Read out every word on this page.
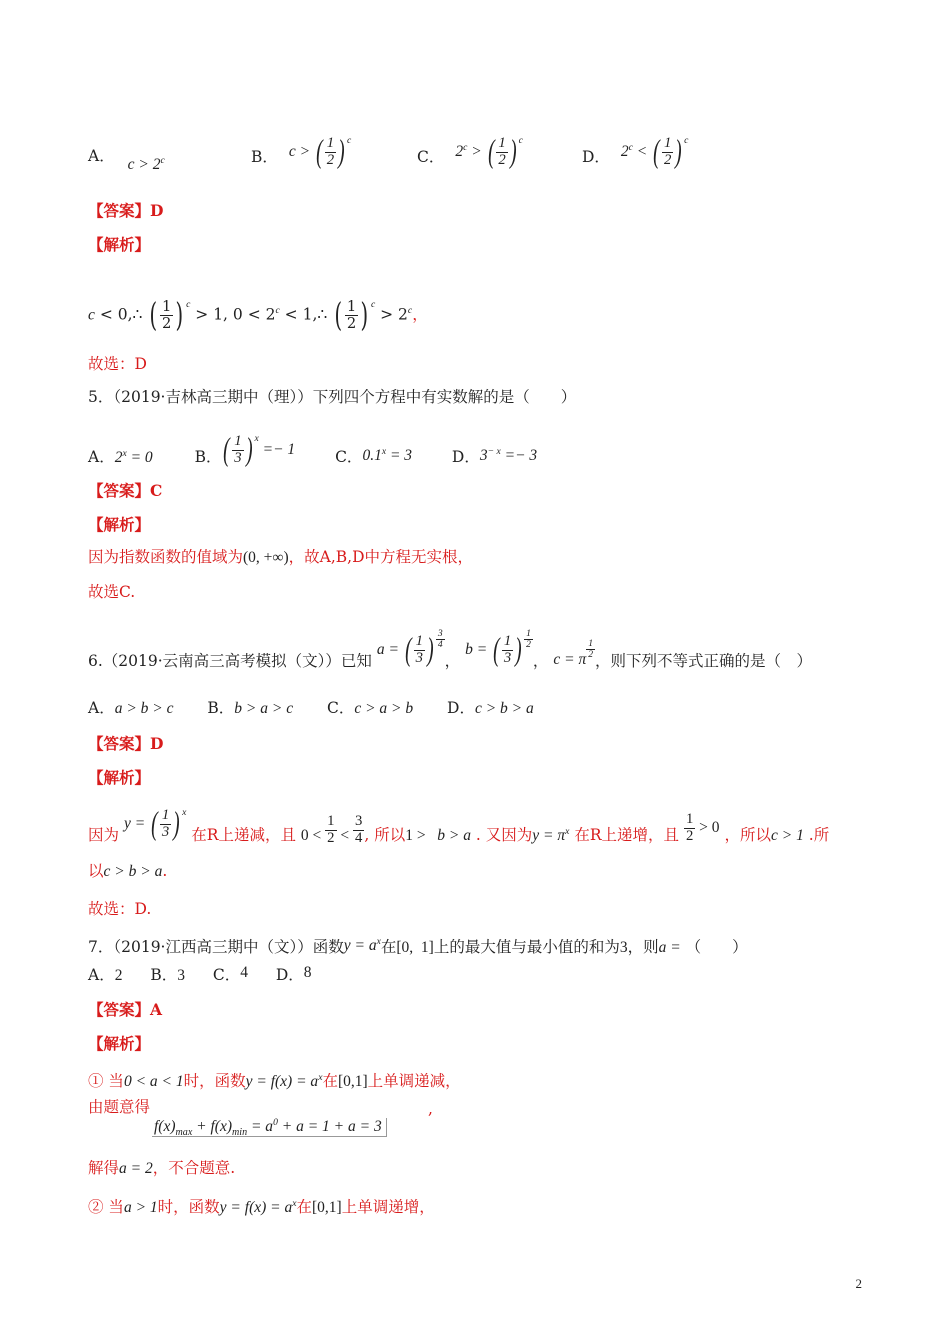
A． $c > 2^c$	B． c > ( $\frac{1}{2}$ ) $^c$
C． $2^c$ > ( $\frac{1}{2}$ ) $^c$
D． $2^c$ < ( $\frac{1}{2}$ ) $^c$
【答案】D
【解析】
c < 0,∴ ( $\frac{1}{2}$ ) $^c$ > 1, $0 < 2^c$ < 1,∴ ( $\frac{1}{2}$ ) $^c > 2^c$，
故选：D
5．（2019·吉林高三期中（理））下列四个方程中有实数解的是（　　）
A．$2^x = 0$	B．( $\frac{1}{3}$ ) $^x$ =− 1	C．$0.1^x = 3$	D．$3^{- x} =- 3$
【答案】C
【解析】
因为指数函数的值域为(0, +∞)，故A,B,D中方程无实根，
故选C.
6.（2019·云南高三高考模拟（文））已知 a = ( $\frac{1}{3}$ ) $^{\frac{3}{4}}$
， b = ( $\frac{1}{3}$ ) $^{\frac{1}{2}}$
， c = π $^{\frac{1}{2}}$
，则下列不等式正确的是（　）
A．a > b > c B．b > a > c C．c > a > b D．c > b > a
【答案】D
【解析】
因为 y = ( $\frac{1}{3}$ ) $^x$ 在R上递减，且 $0 < \frac{1}{2} < \frac{3}{4}$ , 所以1 >   b > a . 又因为$y = \pi^x$ 在R上递增，且 $\frac{1}{2} > 0$ ，所以c > 1 .所
以c > b > a.
故选：D.
7．（2019·江西高三期中（文））函数$y = a^x$在[0,  1]上的最大值与最小值的和为3，则a = （　　）
A．2 B．3 C．4 D．8
【答案】A
【解析】
① 当0 < a < 1时，函数$y = f(x) = a^x$在[0,1]上单调递减，
由题意得
$f(x)_{max} + f(x)_{min} = a^0 + a = 1 + a = 3$
,
解得a = 2，不合题意.
② 当a > 1时，函数$y = f(x) = a^x$在[0,1]上单调递增，
2
